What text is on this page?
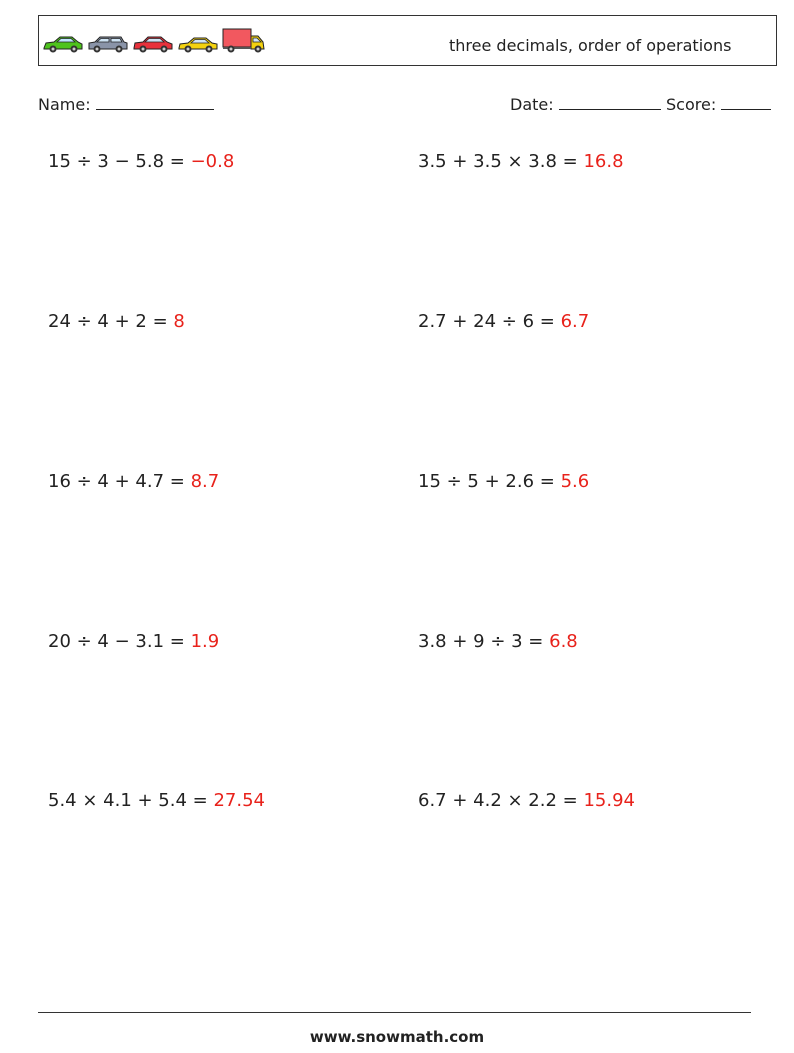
three decimals, order of operations
Name:	Date:	Score:
15 ÷ 3 − 5.8 = −0.8	3.5 + 3.5 × 3.8 = 16.8
24 ÷ 4 + 2 = 8	2.7 + 24 ÷ 6 = 6.7
16 ÷ 4 + 4.7 = 8.7	15 ÷ 5 + 2.6 = 5.6
20 ÷ 4 − 3.1 = 1.9	3.8 + 9 ÷ 3 = 6.8
5.4 × 4.1 + 5.4 = 27.54	6.7 + 4.2 × 2.2 = 15.94
www.snowmath.com
